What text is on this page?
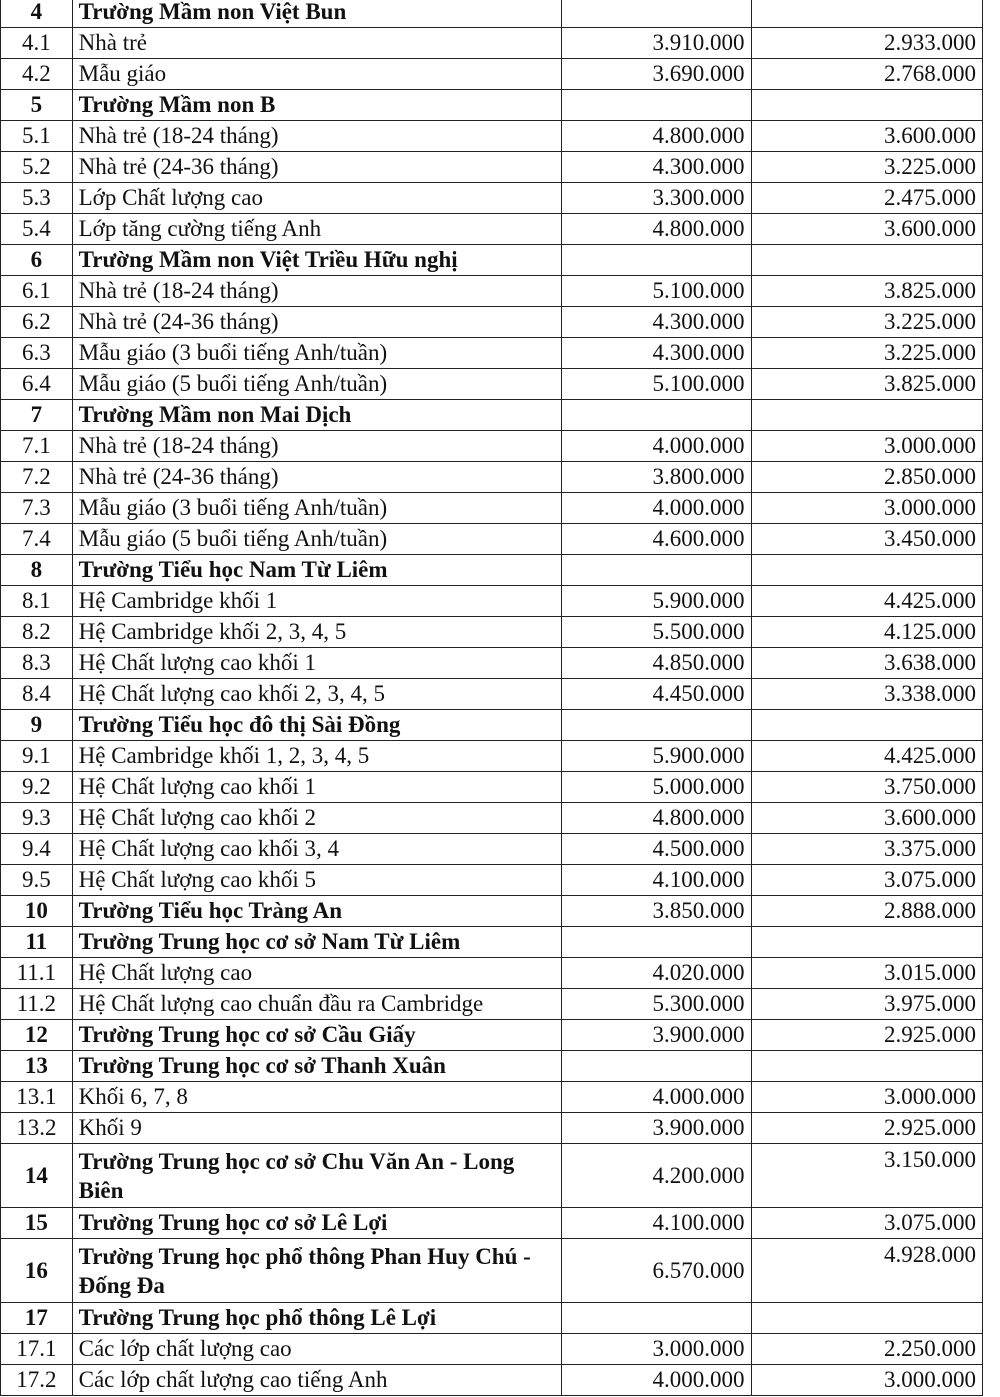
4	Trường Mầm non Việt Bun		
4.1	Nhà trẻ	3.910.000	2.933.000
4.2	Mẫu giáo	3.690.000	2.768.000
5	Trường Mầm non B		
5.1	Nhà trẻ (18-24 tháng)	4.800.000	3.600.000
5.2	Nhà trẻ (24-36 tháng)	4.300.000	3.225.000
5.3	Lớp Chất lượng cao	3.300.000	2.475.000
5.4	Lớp tăng cường tiếng Anh	4.800.000	3.600.000
6	Trường Mầm non Việt Triều Hữu nghị		
6.1	Nhà trẻ (18-24 tháng)	5.100.000	3.825.000
6.2	Nhà trẻ (24-36 tháng)	4.300.000	3.225.000
6.3	Mẫu giáo (3 buổi tiếng Anh/tuần)	4.300.000	3.225.000
6.4	Mẫu giáo (5 buổi tiếng Anh/tuần)	5.100.000	3.825.000
7	Trường Mầm non Mai Dịch		
7.1	Nhà trẻ (18-24 tháng)	4.000.000	3.000.000
7.2	Nhà trẻ (24-36 tháng)	3.800.000	2.850.000
7.3	Mẫu giáo (3 buổi tiếng Anh/tuần)	4.000.000	3.000.000
7.4	Mẫu giáo (5 buổi tiếng Anh/tuần)	4.600.000	3.450.000
8	Trường Tiểu học Nam Từ Liêm		
8.1	Hệ Cambridge khối 1	5.900.000	4.425.000
8.2	Hệ Cambridge khối 2, 3, 4, 5	5.500.000	4.125.000
8.3	Hệ Chất lượng cao khối 1	4.850.000	3.638.000
8.4	Hệ Chất lượng cao khối 2, 3, 4, 5	4.450.000	3.338.000
9	Trường Tiểu học đô thị Sài Đồng		
9.1	Hệ Cambridge khối 1, 2, 3, 4, 5	5.900.000	4.425.000
9.2	Hệ Chất lượng cao khối 1	5.000.000	3.750.000
9.3	Hệ Chất lượng cao khối 2	4.800.000	3.600.000
9.4	Hệ Chất lượng cao khối 3, 4	4.500.000	3.375.000
9.5	Hệ Chất lượng cao khối 5	4.100.000	3.075.000
10	Trường Tiểu học Tràng An	3.850.000	2.888.000
11	Trường Trung học cơ sở Nam Từ Liêm		
11.1	Hệ Chất lượng cao	4.020.000	3.015.000
11.2	Hệ Chất lượng cao chuẩn đầu ra Cambridge	5.300.000	3.975.000
12	Trường Trung học cơ sở Cầu Giấy	3.900.000	2.925.000
13	Trường Trung học cơ sở Thanh Xuân		
13.1	Khối 6, 7, 8	4.000.000	3.000.000
13.2	Khối 9	3.900.000	2.925.000
14	Trường Trung học cơ sở Chu Văn An - Long Biên	4.200.000	3.150.000
15	Trường Trung học cơ sở Lê Lợi	4.100.000	3.075.000
16	Trường Trung học phổ thông Phan Huy Chú - Đống Đa	6.570.000	4.928.000
17	Trường Trung học phổ thông Lê Lợi		
17.1	Các lớp chất lượng cao	3.000.000	2.250.000
17.2	Các lớp chất lượng cao tiếng Anh	4.000.000	3.000.000
